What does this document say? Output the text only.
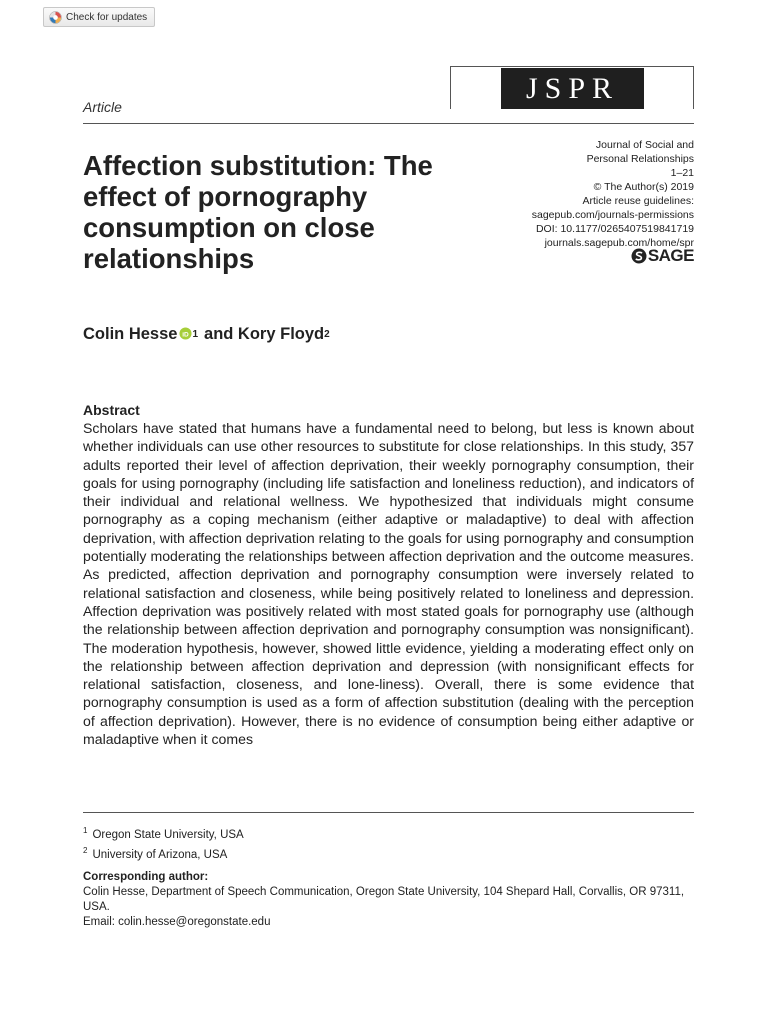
Check for updates
JSPR
Article
Affection substitution: The effect of pornography consumption on close relationships
Journal of Social and
Personal Relationships
1–21
© The Author(s) 2019
Article reuse guidelines:
sagepub.com/journals-permissions
DOI: 10.1177/0265407519841719
journals.sagepub.com/home/spr
SAGE
Colin Hesse iD $^1$ and Kory Floyd$^2$
Abstract

Scholars have stated that humans have a fundamental need to belong, but less is known about whether individuals can use other resources to substitute for close relationships. In this study, 357 adults reported their level of affection deprivation, their weekly pornography consumption, their goals for using pornography (including life satisfaction and loneliness reduction), and indicators of their individual and relational wellness. We hypothesized that individuals might consume pornography as a coping mechanism (either adaptive or maladaptive) to deal with affection deprivation, with affection deprivation relating to the goals for using pornography and consumption potentially moderating the relationships between affection deprivation and the outcome measures. As predicted, affection deprivation and pornography consumption were inversely related to relational satisfaction and closeness, while being positively related to loneliness and depression. Affection deprivation was positively related with most stated goals for pornography use (although the relationship between affection deprivation and pornography consumption was nonsignificant). The moderation hypothesis, however, showed little evidence, yielding a moderating effect only on the relationship between affection deprivation and depression (with nonsignificant effects for relational satisfaction, closeness, and lone-liness). Overall, there is some evidence that pornography consumption is used as a form of affection substitution (dealing with the perception of affection deprivation). However, there is no evidence of consumption being either adaptive or maladaptive when it comes

$^1$ Oregon State University, USA
$^2$ University of Arizona, USA
Corresponding author:
Colin Hesse, Department of Speech Communication, Oregon State University, 104 Shepard Hall, Corvallis, OR 97311, USA.
Email: colin.hesse@oregonstate.edu
